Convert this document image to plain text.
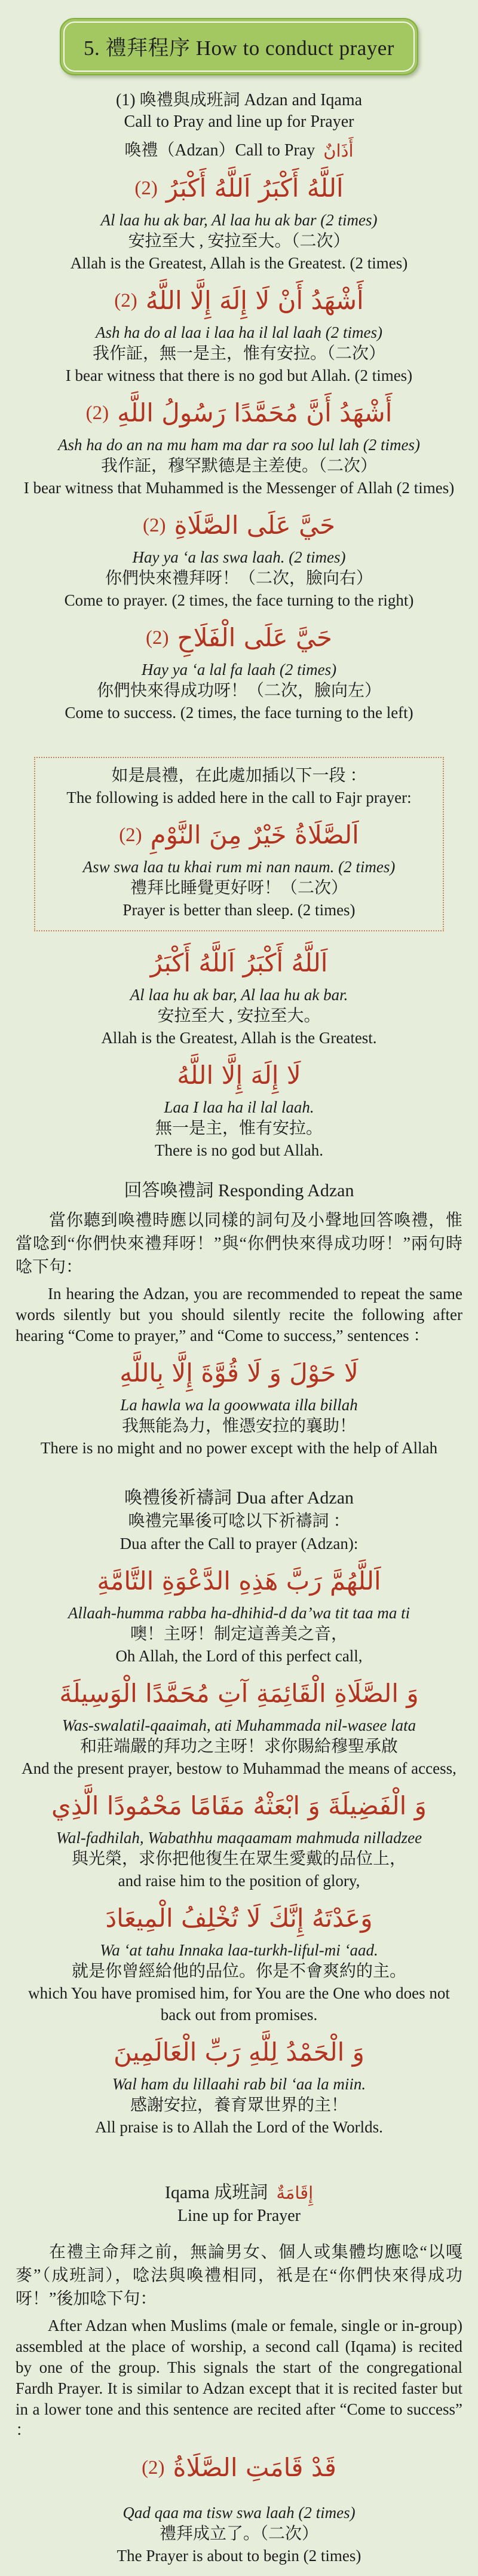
5. 禮拜程序 How to conduct prayer
(1) 喚禮與成班詞 Adzan and Iqama
Call to Pray and line up for Prayer
喚禮（Adzan）Call to Pray أَذَانٌ
(2) اَللَّهُ أَكْبَرُ اَللَّهُ أَكْبَرُ
Al laa hu ak bar, Al laa hu ak bar (2 times)
安拉至大 , 安拉至大。（二次）
Allah is the Greatest, Allah is the Greatest. (2 times)
(2) أَشْهَدُ أَنْ لَا إِلَهَ إِلَّا اللَّهُ
Ash ha do al laa i laa ha il lal laah (2 times)
我作証，無一是主，惟有安拉。（二次）
I bear witness that there is no god but Allah. (2 times)
(2) أَشْهَدُ أَنَّ مُحَمَّدًا رَسُولُ اللَّهِ
Ash ha do an na mu ham ma dar ra soo lul lah (2 times)
我作証，穆罕默德是主差使。（二次）
I bear witness that Muhammed is the Messenger of Allah (2 times)
(2) حَيَّ عَلَى الصَّلَاةِ
Hay ya ‘a las swa laah. (2 times)
你們快來禮拜呀！（二次，臉向右）
Come to prayer. (2 times, the face turning to the right)
(2) حَيَّ عَلَى الْفَلَاحِ
Hay ya ‘a lal fa laah (2 times)
你們快來得成功呀！（二次，臉向左）
Come to success. (2 times, the face turning to the left)
如是晨禮，在此處加插以下一段 ：
The following is added here in the call to Fajr prayer:
(2) اَلصَّلَاةُ خَيْرٌ مِنَ النَّوْمِ
Asw swa laa tu khai rum mi nan naum. (2 times)
禮拜比睡覺更好呀！（二次）
Prayer is better than sleep. (2 times)
اَللَّهُ أَكْبَرُ اَللَّهُ أَكْبَرُ
Al laa hu ak bar, Al laa hu ak bar.
安拉至大 , 安拉至大。
Allah is the Greatest, Allah is the Greatest.
لَا إِلَهَ إِلَّا اللَّهُ
Laa I laa ha il lal laah.
無一是主，惟有安拉。
There is no god but Allah.
回答喚禮詞 Responding Adzan
當你聽到喚禮時應以同樣的詞句及小聲地回答喚禮，惟當唸到“你們快來禮拜呀！”與“你們快來得成功呀！”兩句時唸下句：
In hearing the Adzan, you are recommended to repeat the same words silently but you should silently recite the following after hearing “Come to prayer,” and “Come to success,” sentences ：
لَا حَوْلَ وَ لَا قُوَّةَ إِلَّا بِاللَّهِ
La hawla wa la goowwata illa billah
我無能為力，惟憑安拉的襄助！
There is no might and no power except with the help of Allah
喚禮後祈禱詞 Dua after Adzan
喚禮完畢後可唸以下祈禱詞 ：
Dua after the Call to prayer (Adzan):
اَللَّهُمَّ رَبَّ هَذِهِ الدَّعْوَةِ التَّامَّةِ
Allaah-humma rabba ha-dhihid-d da’wa tit taa ma ti
噢！主呀！制定這善美之音，
Oh Allah, the Lord of this perfect call,
وَ الصَّلَاةِ الْقَائِمَةِ آتِ مُحَمَّدًا الْوَسِيلَةَ
Was-swalatil-qaaimah, ati Muhammada nil-wasee lata
和莊端嚴的拜功之主呀！求你賜給穆聖承啟
And the present prayer, bestow to Muhammad the means of access,
وَ الْفَضِيلَةَ وَ ابْعَثْهُ مَقَامًا مَحْمُودًا الَّذِي
Wal-fadhilah, Wabathhu maqaamam mahmuda nilladzee
與光榮，求你把他復生在眾生愛戴的品位上，
and raise him to the position of glory,
وَعَدْتَهُ إِنَّكَ لَا تُخْلِفُ الْمِيعَادَ
Wa ‘at tahu Innaka laa-turkh-liful-mi ‘aad.
就是你曾經給他的品位。你是不會爽約的主。
which You have promised him, for You are the One who does not back out from promises.
وَ الْحَمْدُ لِلَّهِ رَبِّ الْعَالَمِينَ
Wal ham du lillaahi rab bil ‘aa la miin.
感謝安拉，養育眾世界的主！
All praise is to Allah the Lord of the Worlds.
Iqama 成班詞 إِقَامَةٌ
Line up for Prayer
在禮主命拜之前，無論男女、個人或集體均應唸“以嘎麥”（成班詞），唸法與喚禮相同，衹是在“你們快來得成功呀！”後加唸下句：
After Adzan when Muslims (male or female, single or in-group) assembled at the place of worship, a second call (Iqama) is recited by one of the group. This signals the start of the congregational Fardh Prayer. It is similar to Adzan except that it is recited faster but in a lower tone and this sentence are recited after “Come to success” ：
(2) قَدْ قَامَتِ الصَّلَاةُ
Qad qaa ma tisw swa laah (2 times)
禮拜成立了。（二次）
The Prayer is about to begin (2 times)
